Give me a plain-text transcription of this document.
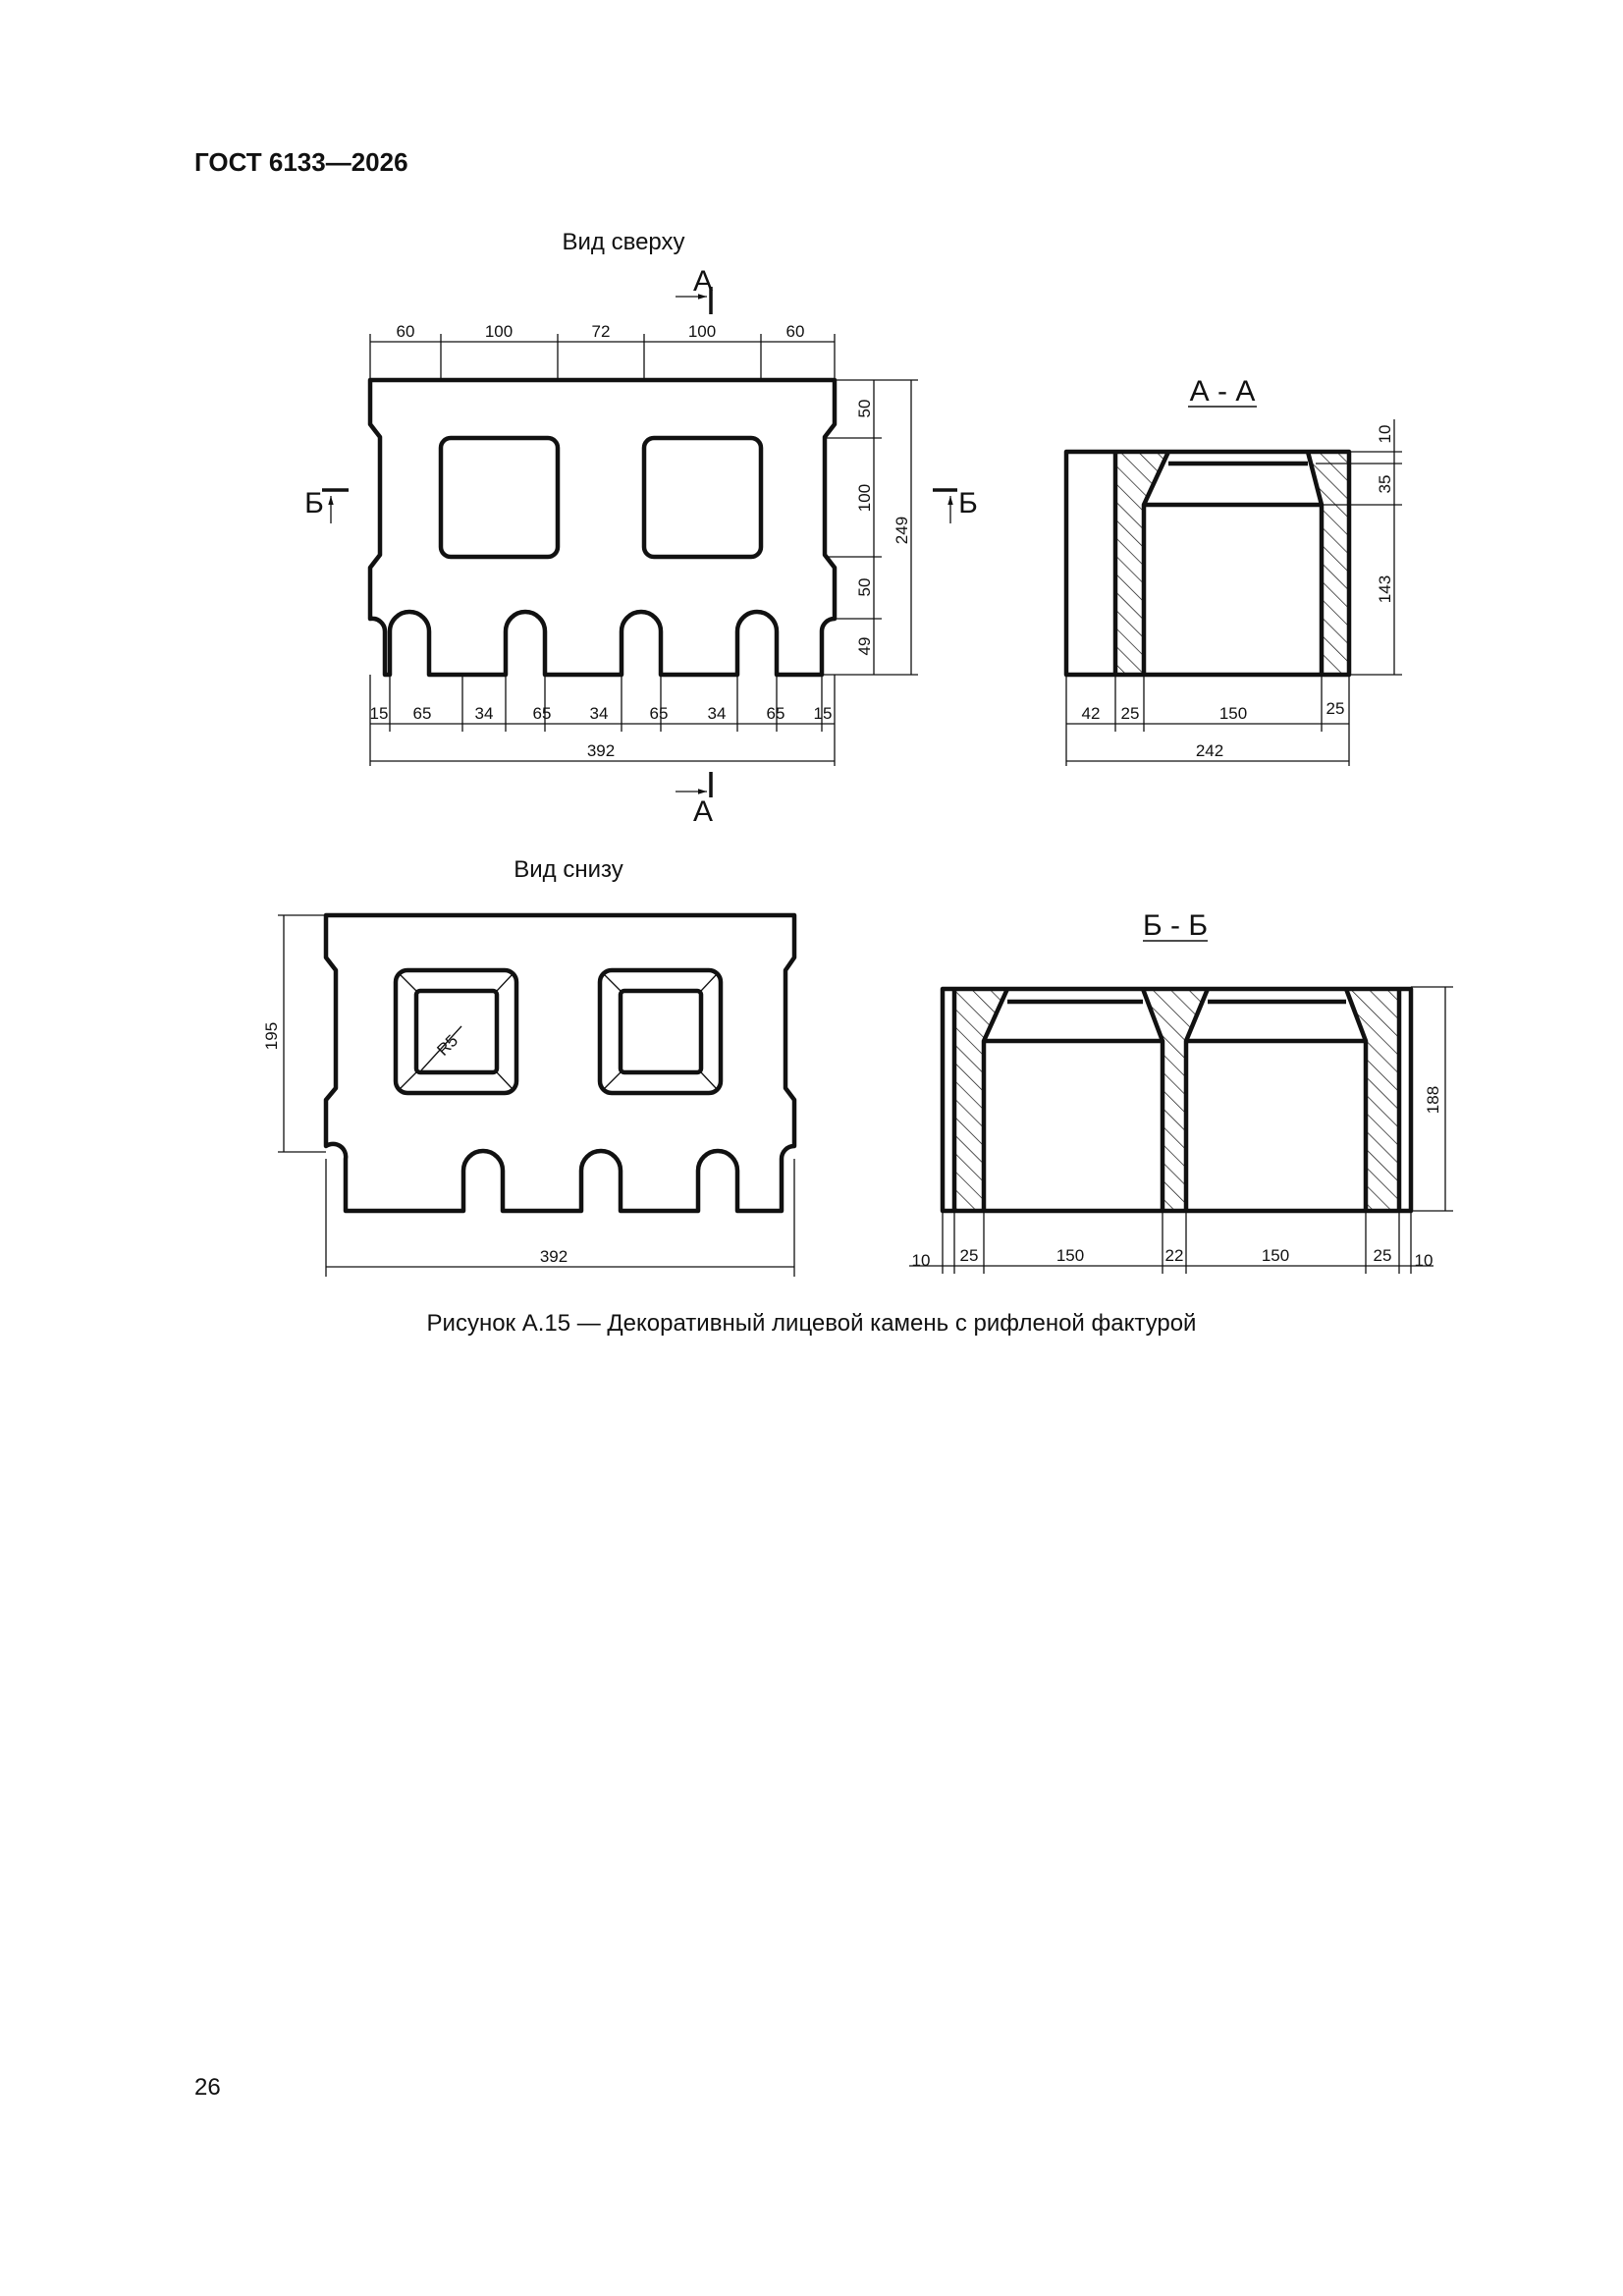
ГОСТ 6133—2026
Вид сверху
А
60	100	72	100	60
50
100
50
49
249
Б	Б
15 65	34 65 34 65 34 65 15
392
А
А - А
10
35
143
42 25	150	25
242
Вид снизу
R5
195
392
Б - Б
188
10 25	150	22	150	25 10
Рисунок А.15 — Декоративный лицевой камень с рифленой фактурой
26
